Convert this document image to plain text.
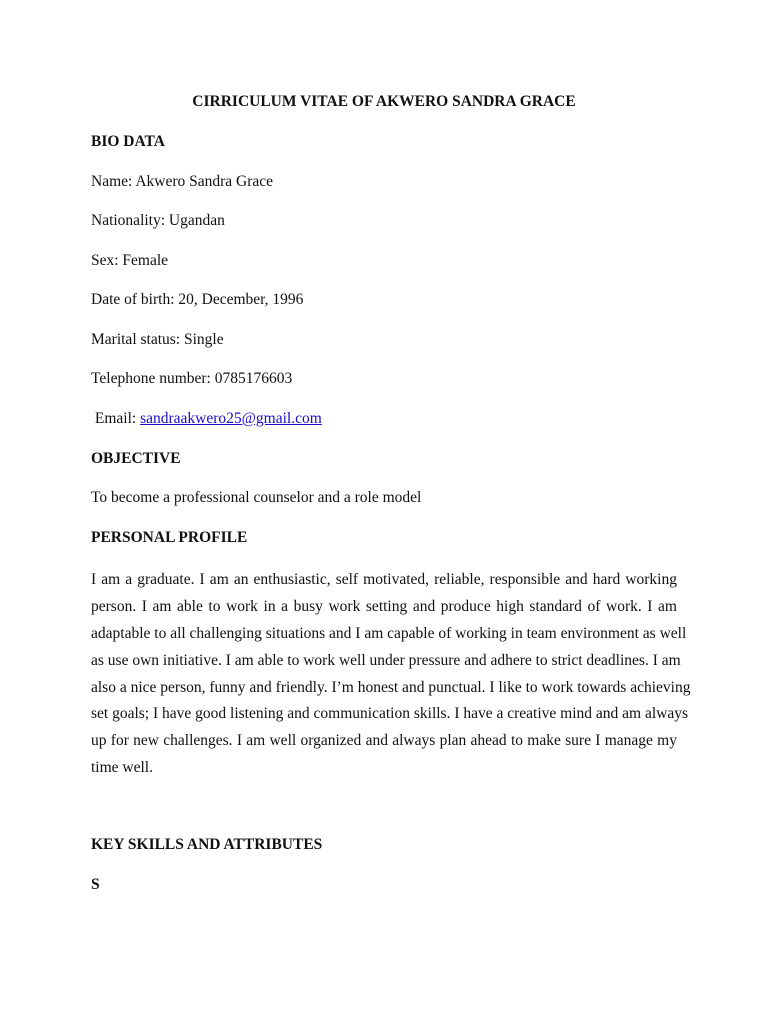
CIRRICULUM VITAE OF AKWERO SANDRA GRACE
BIO DATA
Name: Akwero Sandra Grace
Nationality: Ugandan
Sex: Female
Date of birth: 20, December, 1996
Marital status: Single
Telephone number: 0785176603
Email: sandraakwero25@gmail.com
OBJECTIVE
To become a professional counselor and a role model
PERSONAL PROFILE
I am a graduate. I am an enthusiastic, self motivated, reliable, responsible and hard working
person. I am able to work in a busy work setting and produce high standard of work. I am
adaptable to all challenging situations and I am capable of working in team environment as well
as use own initiative. I am able to work well under pressure and adhere to strict deadlines. I am
also a nice person, funny and friendly. I’m honest and punctual. I like to work towards achieving
set goals; I have good listening and communication skills. I have a creative mind and am always
up for new challenges. I am well organized and always plan ahead to make sure I manage my
time well.
KEY SKILLS AND ATTRIBUTES
S
